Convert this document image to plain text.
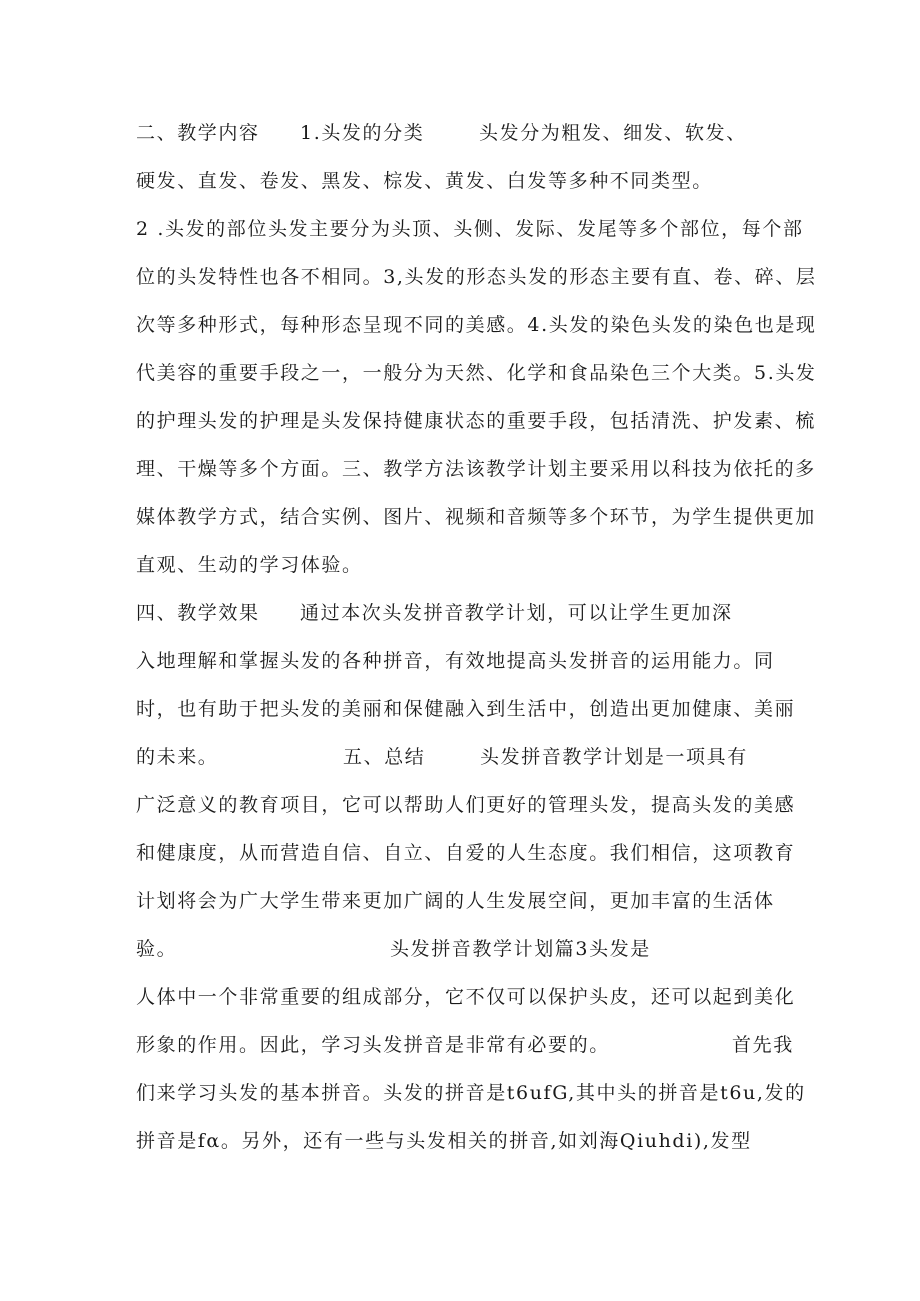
二、教学内容

1.头发的分类

	头发分为粗发、细发、软发、

硬发、直发、卷发、黑发、棕发、黄发、白发等多种不同类型。

2 .头发的部位头发主要分为头顶、头侧、发际、发尾等多个部位，每个部

位的头发特性也各不相同。3,头发的形态头发的形态主要有直、卷、碎、层

次等多种形式，每种形态呈现不同的美感。4.头发的染色头发的染色也是现

代美容的重要手段之一，一般分为天然、化学和食品染色三个大类。5.头发

的护理头发的护理是头发保持健康状态的重要手段，包括清洗、护发素、梳

理、干燥等多个方面。三、教学方法该教学计划主要采用以科技为依托的多

媒体教学方式，结合实例、图片、视频和音频等多个环节，为学生提供更加

直观、生动的学习体验。

四、教学效果

通过本次头发拼音教学计划，可以让学生更加深

入地理解和掌握头发的各种拼音，有效地提高头发拼音的运用能力。同

时，也有助于把头发的美丽和保健融入到生活中，创造出更加健康、美丽

的未来。

	五、总结

	头发拼音教学计划是一项具有

广泛意义的教育项目，它可以帮助人们更好的管理头发，提高头发的美感

和健康度，从而营造自信、自立、自爱的人生态度。我们相信，这项教育

计划将会为广大学生带来更加广阔的人生发展空间，更加丰富的生活体

验。

	头发拼音教学计划篇3头发是

人体中一个非常重要的组成部分，它不仅可以保护头皮，还可以起到美化

形象的作用。因此，学习头发拼音是非常有必要的。

	首先我

们来学习头发的基本拼音。头发的拼音是t6ufG,其中头的拼音是t6u,发的

拼音是fα。另外，还有一些与头发相关的拼音,如刘海Qiuhdi),发型
